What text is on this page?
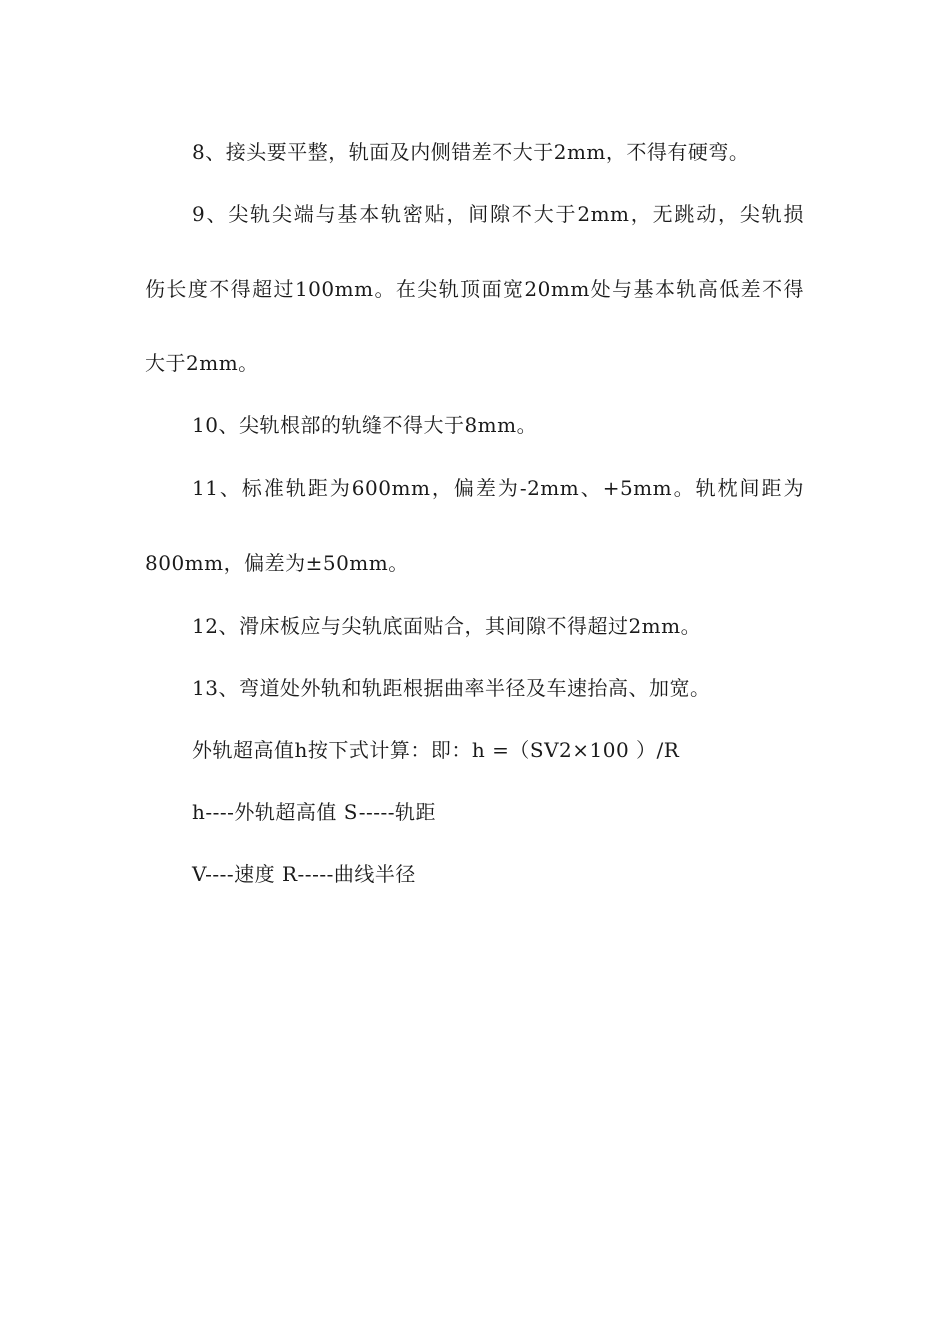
8、接头要平整，轨面及内侧错差不大于2mm，不得有硬弯。
9、尖轨尖端与基本轨密贴，间隙不大于2mm，无跳动，尖轨损
伤长度不得超过100mm。在尖轨顶面宽20mm处与基本轨高低差不得
大于2mm。
10、尖轨根部的轨缝不得大于8mm。
11、标准轨距为600mm，偏差为-2mm、+5mm。轨枕间距为
800mm，偏差为±50mm。
12、滑床板应与尖轨底面贴合，其间隙不得超过2mm。
13、弯道处外轨和轨距根据曲率半径及车速抬高、加宽。
外轨超高值h按下式计算：即：h =（SV2×100 ）/R
h----外轨超高值 S-----轨距
V----速度 R-----曲线半径
